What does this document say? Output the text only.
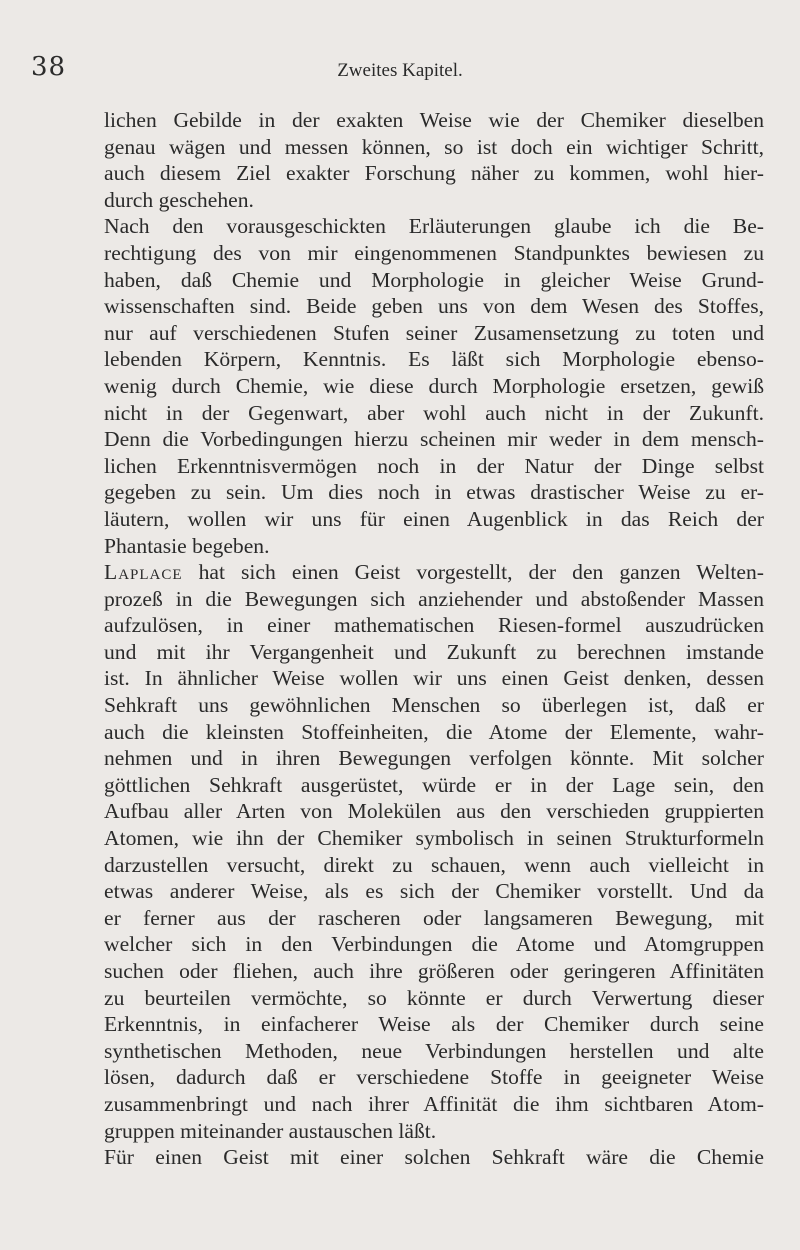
38	Zweites Kapitel.
lichen Gebilde in der exakten Weise wie der Chemiker dieselben
genau wägen und messen können, so ist doch ein wichtiger Schritt,
auch diesem Ziel exakter Forschung näher zu kommen, wohl hier-
durch geschehen.
Nach den vorausgeschickten Erläuterungen glaube ich die Be-
rechtigung des von mir eingenommenen Standpunktes bewiesen zu
haben, daß Chemie und Morphologie in gleicher Weise Grund-
wissenschaften sind. Beide geben uns von dem Wesen des Stoffes,
nur auf verschiedenen Stufen seiner Zusamensetzung zu toten und
lebenden Körpern, Kenntnis. Es läßt sich Morphologie ebenso-
wenig durch Chemie, wie diese durch Morphologie ersetzen, gewiß
nicht in der Gegenwart, aber wohl auch nicht in der Zukunft.
Denn die Vorbedingungen hierzu scheinen mir weder in dem mensch-
lichen Erkenntnisvermögen noch in der Natur der Dinge selbst
gegeben zu sein. Um dies noch in etwas drastischer Weise zu er-
läutern, wollen wir uns für einen Augenblick in das Reich der
Phantasie begeben.
Laplace hat sich einen Geist vorgestellt, der den ganzen Welten-
prozeß in die Bewegungen sich anziehender und abstoßender Massen
aufzulösen, in einer mathematischen Riesen-formel auszudrücken
und mit ihr Vergangenheit und Zukunft zu berechnen imstande
ist. In ähnlicher Weise wollen wir uns einen Geist denken, dessen
Sehkraft uns gewöhnlichen Menschen so überlegen ist, daß er
auch die kleinsten Stoffeinheiten, die Atome der Elemente, wahr-
nehmen und in ihren Bewegungen verfolgen könnte. Mit solcher
göttlichen Sehkraft ausgerüstet, würde er in der Lage sein, den
Aufbau aller Arten von Molekülen aus den verschieden gruppierten
Atomen, wie ihn der Chemiker symbolisch in seinen Strukturformeln
darzustellen versucht, direkt zu schauen, wenn auch vielleicht in
etwas anderer Weise, als es sich der Chemiker vorstellt. Und da
er ferner aus der rascheren oder langsameren Bewegung, mit
welcher sich in den Verbindungen die Atome und Atomgruppen
suchen oder fliehen, auch ihre größeren oder geringeren Affinitäten
zu beurteilen vermöchte, so könnte er durch Verwertung dieser
Erkenntnis, in einfacherer Weise als der Chemiker durch seine
synthetischen Methoden, neue Verbindungen herstellen und alte
lösen, dadurch daß er verschiedene Stoffe in geeigneter Weise
zusammenbringt und nach ihrer Affinität die ihm sichtbaren Atom-
gruppen miteinander austauschen läßt.
Für einen Geist mit einer solchen Sehkraft wäre die Chemie
